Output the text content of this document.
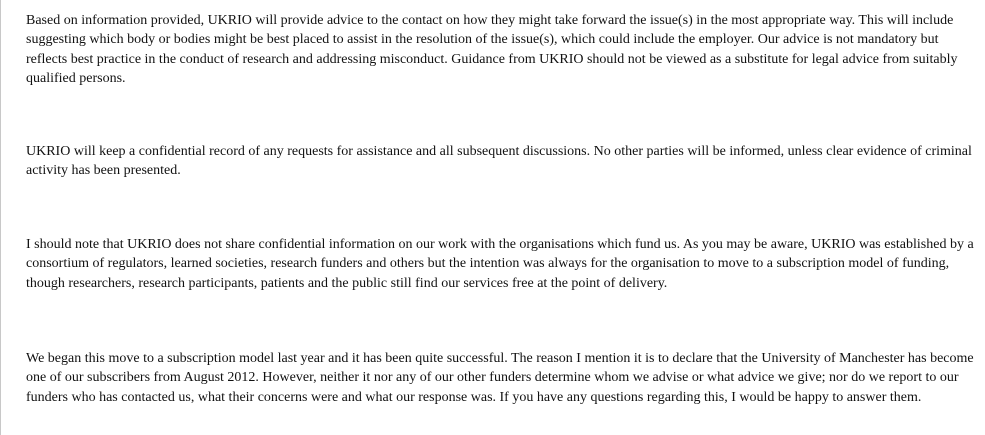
Based on information provided, UKRIO will provide advice to the contact on how they might take forward the issue(s) in the most appropriate way. This will include suggesting which body or bodies might be best placed to assist in the resolution of the issue(s), which could include the employer. Our advice is not mandatory but reflects best practice in the conduct of research and addressing misconduct. Guidance from UKRIO should not be viewed as a substitute for legal advice from suitably qualified persons.

UKRIO will keep a confidential record of any requests for assistance and all subsequent discussions. No other parties will be informed, unless clear evidence of criminal activity has been presented.

I should note that UKRIO does not share confidential information on our work with the organisations which fund us. As you may be aware, UKRIO was established by a consortium of regulators, learned societies, research funders and others but the intention was always for the organisation to move to a subscription model of funding, though researchers, research participants, patients and the public still find our services free at the point of delivery.

We began this move to a subscription model last year and it has been quite successful. The reason I mention it is to declare that the University of Manchester has become one of our subscribers from August 2012. However, neither it nor any of our other funders determine whom we advise or what advice we give; nor do we report to our funders who has contacted us, what their concerns were and what our response was. If you have any questions regarding this, I would be happy to answer them.
